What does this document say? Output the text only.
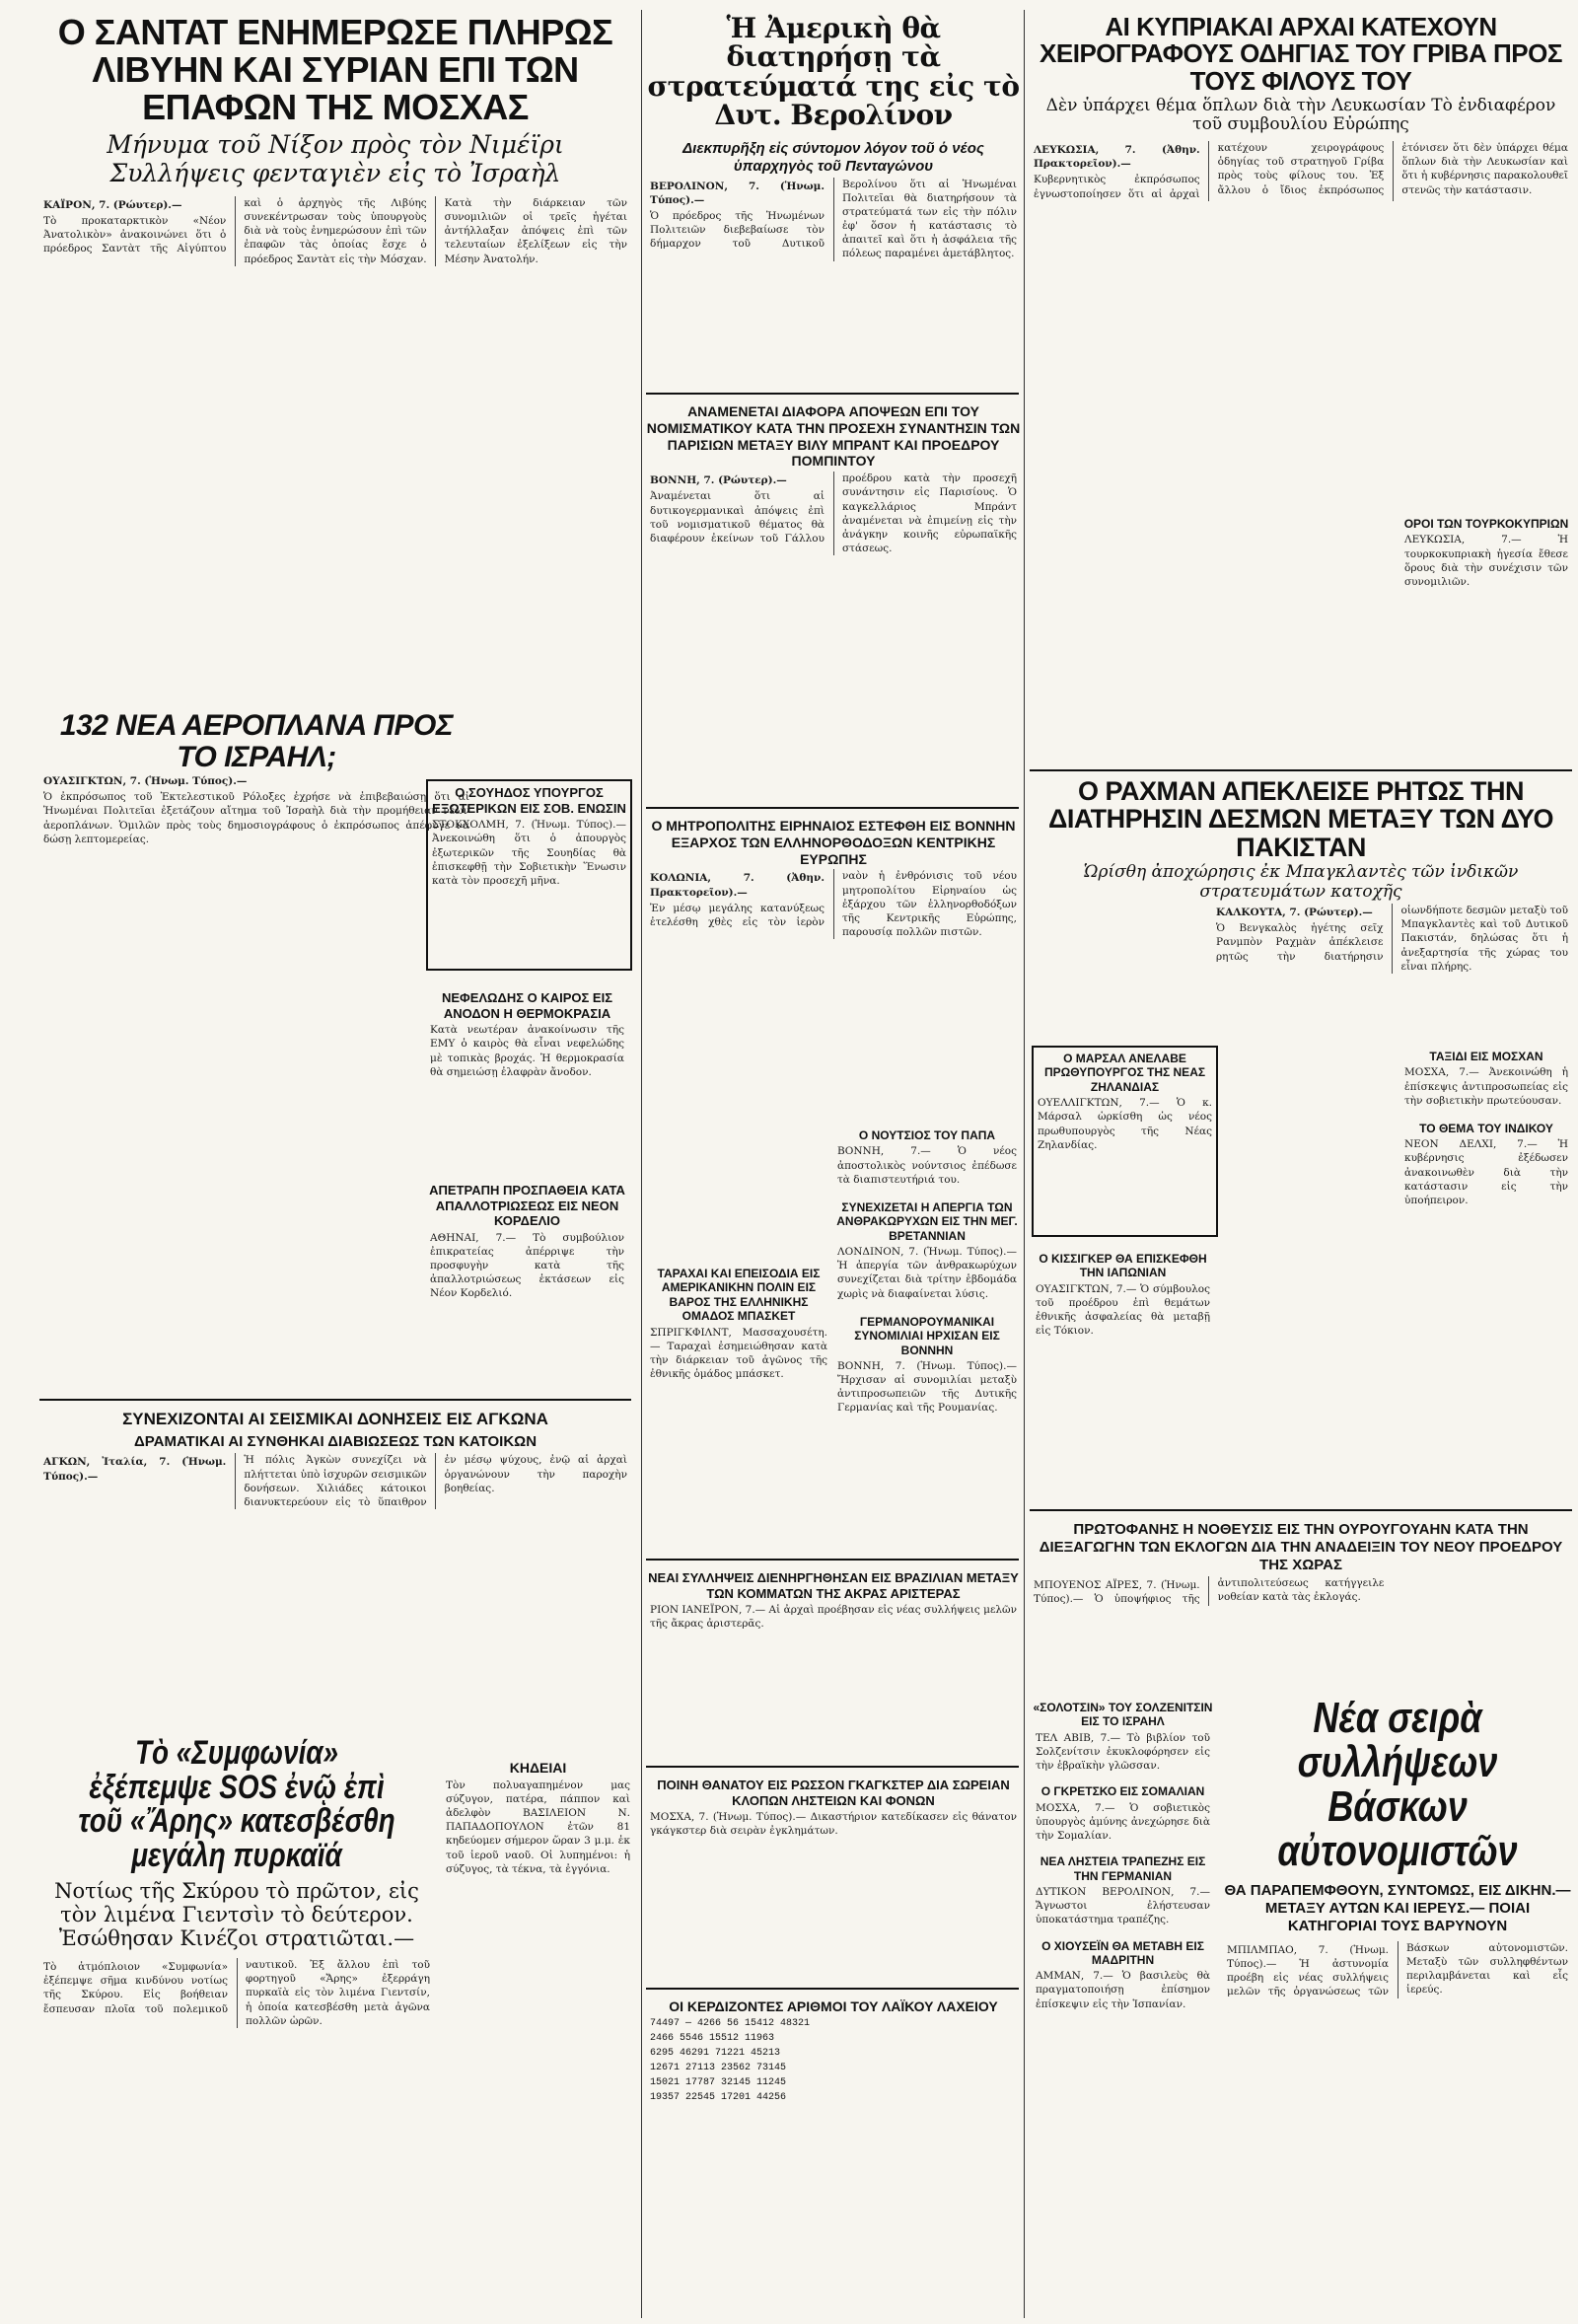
Ο ΣΑΝΤΑΤ ΕΝΗΜΕΡΩΣΕ ΠΛΗΡΩΣ ΛΙΒΥΗΝ ΚΑΙ ΣΥΡΙΑΝ ΕΠΙ ΤΩΝ ΕΠΑΦΩΝ ΤΗΣ ΜΟΣΧΑΣ
Μήνυμα τοῦ Νίξον πρὸς τὸν Νιμέϊρι Συλλήψεις φενταγιὲν εἰς τὸ Ἰσραὴλ

ΚΑΪΡΟΝ, 7. (Ρώυτερ).—

Τὸ προκαταρκτικὸν «Νέον Ἀνατολικὸν» ἀνακοινώνει ὅτι ὁ πρόεδρος Σαντὰτ τῆς Αἰγύπτου καὶ ὁ ἀρχηγὸς τῆς Λιβύης συνεκέντρωσαν τοὺς ὑπουργοὺς διὰ νὰ τοὺς ἐνημερώσουν ἐπὶ τῶν ἐπαφῶν τὰς ὁποίας ἔσχε ὁ πρόεδρος Σαντὰτ εἰς τὴν Μόσχαν. Κατὰ τὴν διάρκειαν τῶν συνομιλιῶν οἱ τρεῖς ἡγέται ἀντήλλαξαν ἀπόψεις ἐπὶ τῶν τελευταίων ἐξελίξεων εἰς τὴν Μέσην Ἀνατολήν.

132 ΝΕΑ ΑΕΡΟΠΛΑΝΑ ΠΡΟΣ ΤΟ ΙΣΡΑΗΛ;

ΟΥΑΣΙΓΚΤΩΝ, 7. (Ἡνωμ. Τύπος).—

Ὁ ἐκπρόσωπος τοῦ Ἐκτελεστικοῦ Ρόλοξες ἐχρήσε νὰ ἐπιβεβαιώσῃ ὅτι αἱ Ἡνωμέναι Πολιτεῖαι ἐξετάζουν αἴτημα τοῦ Ἰσραὴλ διὰ τὴν προμήθειαν νέων ἀεροπλάνων. Ὁμιλῶν πρὸς τοὺς δημοσιογράφους ὁ ἐκπρόσωπος ἀπέφυγε νὰ δώσῃ λεπτομερείας.

Ο ΣΟΥΗΔΟΣ ΥΠΟΥΡΓΟΣ ΕΞΩΤΕΡΙΚΩΝ ΕΙΣ ΣΟΒ. ΕΝΩΣΙΝ

ΣΤΟΚΧΟΛΜΗ, 7. (Ἡνωμ. Τύπος).— Ἀνεκοινώθη ὅτι ὁ ἀπουργὸς ἐξωτερικῶν τῆς Σουηδίας θὰ ἐπισκεφθῇ τὴν Σοβιετικὴν Ἕνωσιν κατὰ τὸν προσεχῆ μῆνα.

ΝΕΦΕΛΩΔΗΣ Ο ΚΑΙΡΟΣ ΕΙΣ ΑΝΟΔΟΝ Η ΘΕΡΜΟΚΡΑΣΙΑ

Κατὰ νεωτέραν ἀνακοίνωσιν τῆς ΕΜΥ ὁ καιρὸς θὰ εἶναι νεφελώδης μὲ τοπικὰς βροχάς. Ἡ θερμοκρασία θὰ σημειώσῃ ἐλαφρὰν ἄνοδον.

ΑΠΕΤΡΑΠΗ ΠΡΟΣΠΑΘΕΙΑ ΚΑΤΑ ΑΠΑΛΛΟΤΡΙΩΣΕΩΣ ΕΙΣ ΝΕΟΝ ΚΟΡΔΕΛΙΟ

ΑΘΗΝΑΙ, 7.— Τὸ συμβούλιον ἐπικρατείας ἀπέρριψε τὴν προσφυγὴν κατὰ τῆς ἀπαλλοτριώσεως ἐκτάσεων εἰς Νέον Κορδελιό.

ΣΥΝΕΧΙΖΟΝΤΑΙ ΑΙ ΣΕΙΣΜΙΚΑΙ ΔΟΝΗΣΕΙΣ ΕΙΣ ΑΓΚΩΝΑ
ΔΡΑΜΑΤΙΚΑΙ ΑΙ ΣΥΝΘΗΚΑΙ ΔΙΑΒΙΩΣΕΩΣ ΤΩΝ ΚΑΤΟΙΚΩΝ

ΑΓΚΩΝ, Ἰταλία, 7. (Ἡνωμ. Τύπος).—

Ἡ πόλις Ἀγκὼν συνεχίζει νὰ πλήττεται ὑπὸ ἰσχυρῶν σεισμικῶν δονήσεων. Χιλιάδες κάτοικοι διανυκτερεύουν εἰς τὸ ὕπαιθρον ἐν μέσῳ ψύχους, ἐνῷ αἱ ἀρχαὶ ὀργανώνουν τὴν παροχὴν βοηθείας.

Τὸ «Συμφωνία» ἐξέπεμψε SOS ἐνῷ ἐπὶ τοῦ «Ἄρης» κατεσβέσθη μεγάλη πυρκαϊά
Νοτίως τῆς Σκύρου τὸ πρῶτον, εἰς τὸν λιμένα Γιεντσὶν τὸ δεύτερον. Ἐσώθησαν Κινέζοι στρατιῶται.—

Τὸ ἀτμόπλοιον «Συμφωνία» ἐξέπεμψε σῆμα κινδύνου νοτίως τῆς Σκύρου. Εἰς βοήθειαν ἔσπευσαν πλοῖα τοῦ πολεμικοῦ ναυτικοῦ. Ἐξ ἄλλου ἐπὶ τοῦ φορτηγοῦ «Ἄρης» ἐξερράγη πυρκαϊὰ εἰς τὸν λιμένα Γιεντσίν, ἡ ὁποία κατεσβέσθη μετὰ ἀγῶνα πολλῶν ὡρῶν.

ΚΗΔΕΙΑΙ

Τὸν πολυαγαπημένον μας σύζυγον, πατέρα, πάππον καὶ ἀδελφὸν ΒΑΣΙΛΕΙΟΝ Ν. ΠΑΠΑΔΟΠΟΥΛΟΝ ἐτῶν 81 κηδεύομεν σήμερον ὥραν 3 μ.μ. ἐκ τοῦ ἱεροῦ ναοῦ. Οἱ λυπημένοι: ἡ σύζυγος, τὰ τέκνα, τὰ ἐγγόνια.

Ἡ Ἀμερικὴ θὰ διατηρήσῃ τὰ στρατεύματά της εἰς τὸ Δυτ. Βερολίνον
Διεκπυρῆξη εἰς σύντομον λόγον τοῦ ὁ νέος ὑπαρχηγὸς τοῦ Πενταγώνου

ΒΕΡΟΛΙΝΟΝ, 7. (Ἡνωμ. Τύπος).—

Ὁ πρόεδρος τῆς Ἡνωμένων Πολιτειῶν διεβεβαίωσε τὸν δήμαρχον τοῦ Δυτικοῦ Βερολίνου ὅτι αἱ Ἡνωμέναι Πολιτεῖαι θὰ διατηρήσουν τὰ στρατεύματά των εἰς τὴν πόλιν ἐφ' ὅσον ἡ κατάστασις τὸ ἀπαιτεῖ καὶ ὅτι ἡ ἀσφάλεια τῆς πόλεως παραμένει ἀμετάβλητος.

ΑΝΑΜΕΝΕΤΑΙ ΔΙΑΦΟΡΑ ΑΠΟΨΕΩΝ ΕΠΙ ΤΟΥ ΝΟΜΙΣΜΑΤΙΚΟΥ ΚΑΤΑ ΤΗΝ ΠΡΟΣΕΧΗ ΣΥΝΑΝΤΗΣΙΝ ΤΩΝ ΠΑΡΙΣΙΩΝ ΜΕΤΑΞΥ ΒΙΛΥ ΜΠΡΑΝΤ ΚΑΙ ΠΡΟΕΔΡΟΥ ΠΟΜΠΙΝΤΟΥ

ΒΟΝΝΗ, 7. (Ρώυτερ).—

Ἀναμένεται ὅτι αἱ δυτικογερμανικαὶ ἀπόψεις ἐπὶ τοῦ νομισματικοῦ θέματος θὰ διαφέρουν ἐκείνων τοῦ Γάλλου προέδρου κατὰ τὴν προσεχῆ συνάντησιν εἰς Παρισίους. Ὁ καγκελλάριος Μπράντ ἀναμένεται νὰ ἐπιμείνῃ εἰς τὴν ἀνάγκην κοινῆς εὐρωπαϊκῆς στάσεως.

Ο ΜΗΤΡΟΠΟΛΙΤΗΣ ΕΙΡΗΝΑΙΟΣ ΕΣΤΕΦΘΗ ΕΙΣ ΒΟΝΝΗΝ ΕΞΑΡΧΟΣ ΤΩΝ ΕΛΛΗΝΟΡΘΟΔΟΞΩΝ ΚΕΝΤΡΙΚΗΣ ΕΥΡΩΠΗΣ

ΚΟΛΩΝΙΑ, 7. (Ἀθην. Πρακτορεῖον).—

Ἐν μέσῳ μεγάλης κατανύξεως ἐτελέσθη χθὲς εἰς τὸν ἱερὸν ναὸν ἡ ἐνθρόνισις τοῦ νέου μητροπολίτου Εἰρηναίου ὡς ἐξάρχου τῶν ἑλληνορθοδόξων τῆς Κεντρικῆς Εὐρώπης, παρουσίᾳ πολλῶν πιστῶν.

Ο ΝΟΥΤΣΙΟΣ ΤΟΥ ΠΑΠΑ

ΒΟΝΝΗ, 7.— Ὁ νέος ἀποστολικὸς νούντσιος ἐπέδωσε τὰ διαπιστευτήριά του.

ΣΥΝΕΧΙΖΕΤΑΙ Η ΑΠΕΡΓΙΑ ΤΩΝ ΑΝΘΡΑΚΩΡΥΧΩΝ ΕΙΣ ΤΗΝ ΜΕΓ. ΒΡΕΤΑΝΝΙΑΝ

ΛΟΝΔΙΝΟΝ, 7. (Ἡνωμ. Τύπος).— Ἡ ἀπεργία τῶν ἀνθρακωρύχων συνεχίζεται διὰ τρίτην ἑβδομάδα χωρὶς νὰ διαφαίνεται λύσις.

ΓΕΡΜΑΝΟΡΟΥΜΑΝΙΚΑΙ ΣΥΝΟΜΙΛΙΑΙ ΗΡΧΙΣΑΝ ΕΙΣ ΒΟΝΝΗΝ

ΒΟΝΝΗ, 7. (Ἡνωμ. Τύπος).— Ἤρχισαν αἱ συνομιλίαι μεταξὺ ἀντιπροσωπειῶν τῆς Δυτικῆς Γερμανίας καὶ τῆς Ρουμανίας.

ΤΑΡΑΧΑΙ ΚΑΙ ΕΠΕΙΣΟΔΙΑ ΕΙΣ ΑΜΕΡΙΚΑΝΙΚΗΝ ΠΟΛΙΝ ΕΙΣ ΒΑΡΟΣ ΤΗΣ ΕΛΛΗΝΙΚΗΣ ΟΜΑΔΟΣ ΜΠΑΣΚΕΤ

ΣΠΡΙΓΚΦΙΛΝΤ, Μασσαχουσέτη.— Ταραχαὶ ἐσημειώθησαν κατὰ τὴν διάρκειαν τοῦ ἀγῶνος τῆς ἐθνικῆς ὁμάδος μπάσκετ.

ΝΕΑΙ ΣΥΛΛΗΨΕΙΣ ΔΙΕΝΗΡΓΗΘΗΣΑΝ ΕΙΣ ΒΡΑΖΙΛΙΑΝ ΜΕΤΑΞΥ ΤΩΝ ΚΟΜΜΑΤΩΝ ΤΗΣ ΑΚΡΑΣ ΑΡΙΣΤΕΡΑΣ

ΡΙΟΝ ΙΑΝΕΪΡΟΝ, 7.— Αἱ ἀρχαὶ προέβησαν εἰς νέας συλλήψεις μελῶν τῆς ἄκρας ἀριστερᾶς.

ΠΟΙΝΗ ΘΑΝΑΤΟΥ ΕΙΣ ΡΩΣΣΟΝ ΓΚΑΓΚΣΤΕΡ ΔΙΑ ΣΩΡΕΙΑΝ ΚΛΟΠΩΝ ΛΗΣΤΕΙΩΝ ΚΑΙ ΦΟΝΩΝ

ΜΟΣΧΑ, 7. (Ἡνωμ. Τύπος).— Δικαστήριον κατεδίκασεν εἰς θάνατον γκάγκστερ διὰ σειρὰν ἐγκλημάτων.

ΟΙ ΚΕΡΔΙΖΟΝΤΕΣ ΑΡΙΘΜΟΙ ΤΟΥ ΛΑΪΚΟΥ ΛΑΧΕΙΟΥ
74497 — 4266 56 15412 48321
2466 5546 15512 11963
6295 46291 71221 45213
12671 27113 23562 73145
15021 17787 32145 11245
19357 22545 17201 44256
ΑΙ ΚΥΠΡΙΑΚΑΙ ΑΡΧΑΙ ΚΑΤΕΧΟΥΝ ΧΕΙΡΟΓΡΑΦΟΥΣ ΟΔΗΓΙΑΣ ΤΟΥ ΓΡΙΒΑ ΠΡΟΣ ΤΟΥΣ ΦΙΛΟΥΣ ΤΟΥ
Δὲν ὑπάρχει θέμα ὅπλων διὰ τὴν Λευκωσίαν Τὸ ἐνδιαφέρον τοῦ συμβουλίου Εὐρώπης

ΛΕΥΚΩΣΙΑ, 7. (Ἀθην. Πρακτορεῖον).—

Κυβερνητικὸς ἐκπρόσωπος ἐγνωστοποίησεν ὅτι αἱ ἀρχαὶ κατέχουν χειρογράφους ὁδηγίας τοῦ στρατηγοῦ Γρίβα πρὸς τοὺς φίλους του. Ἐξ ἄλλου ὁ ἴδιος ἐκπρόσωπος ἐτόνισεν ὅτι δὲν ὑπάρχει θέμα ὅπλων διὰ τὴν Λευκωσίαν καὶ ὅτι ἡ κυβέρνησις παρακολουθεῖ στενῶς τὴν κατάστασιν.

ΟΡΟΙ ΤΩΝ ΤΟΥΡΚΟΚΥΠΡΙΩΝ

ΛΕΥΚΩΣΙΑ, 7.— Ἡ τουρκοκυπριακὴ ἡγεσία ἔθεσε ὅρους διὰ τὴν συνέχισιν τῶν συνομιλιῶν.

Ο ΡΑΧΜΑΝ ΑΠΕΚΛΕΙΣΕ ΡΗΤΩΣ ΤΗΝ ΔΙΑΤΗΡΗΣΙΝ ΔΕΣΜΩΝ ΜΕΤΑΞΥ ΤΩΝ ΔΥΟ ΠΑΚΙΣΤΑΝ
Ὡρίσθη ἀποχώρησις ἐκ Μπαγκλαντὲς τῶν ἰνδικῶν στρατευμάτων κατοχῆς

ΚΑΛΚΟΥΤΑ, 7. (Ρώυτερ).—

Ὁ Βενγκαλὸς ἡγέτης σεῖχ Ρανμπὸν Ραχμὰν ἀπέκλεισε ρητῶς τὴν διατήρησιν οἱωνδήποτε δεσμῶν μεταξὺ τοῦ Μπαγκλαντὲς καὶ τοῦ Δυτικοῦ Πακιστάν, δηλώσας ὅτι ἡ ἀνεξαρτησία τῆς χώρας του εἶναι πλήρης.

Ο ΜΑΡΣΑΛ ΑΝΕΛΑΒΕ ΠΡΩΘΥΠΟΥΡΓΟΣ ΤΗΣ ΝΕΑΣ ΖΗΛΑΝΔΙΑΣ

ΟΥΕΛΛΙΓΚΤΩΝ, 7.— Ὁ κ. Μάρσαλ ὡρκίσθη ὡς νέος πρωθυπουργὸς τῆς Νέας Ζηλανδίας.

Ο ΚΙΣΣΙΓΚΕΡ ΘΑ ΕΠΙΣΚΕΦΘΗ ΤΗΝ ΙΑΠΩΝΙΑΝ

ΟΥΑΣΙΓΚΤΩΝ, 7.— Ὁ σύμβουλος τοῦ προέδρου ἐπὶ θεμάτων ἐθνικῆς ἀσφαλείας θὰ μεταβῇ εἰς Τόκιον.

ΤΑΞΙΔΙ ΕΙΣ ΜΟΣΧΑΝ

ΜΟΣΧΑ, 7.— Ἀνεκοινώθη ἡ ἐπίσκεψις ἀντιπροσωπείας εἰς τὴν σοβιετικὴν πρωτεύουσαν.

ΤΟ ΘΕΜΑ ΤΟΥ ΙΝΔΙΚΟΥ

ΝΕΟΝ ΔΕΛΧΙ, 7.— Ἡ κυβέρνησις ἐξέδωσεν ἀνακοινωθὲν διὰ τὴν κατάστασιν εἰς τὴν ὑποήπειρον.

ΠΡΩΤΟΦΑΝΗΣ Η ΝΟΘΕΥΣΙΣ ΕΙΣ ΤΗΝ ΟΥΡΟΥΓΟΥΑΗΝ ΚΑΤΑ ΤΗΝ ΔΙΕΞΑΓΩΓΗΝ ΤΩΝ ΕΚΛΟΓΩΝ ΔΙΑ ΤΗΝ ΑΝΑΔΕΙΞΙΝ ΤΟΥ ΝΕΟΥ ΠΡΟΕΔΡΟΥ ΤΗΣ ΧΩΡΑΣ

ΜΠΟΥΕΝΟΣ ΑΪΡΕΣ, 7. (Ἡνωμ. Τύπος).— Ὁ ὑποψήφιος τῆς ἀντιπολιτεύσεως κατήγγειλε νοθείαν κατὰ τὰς ἐκλογάς.

«ΣΟΛΟΤΣΙΝ» ΤΟΥ ΣΟΛΖΕΝΙΤΣΙΝ ΕΙΣ ΤΟ ΙΣΡΑΗΛ

ΤΕΛ ΑΒΙΒ, 7.— Τὸ βιβλίον τοῦ Σολζενίτσιν ἐκυκλοφόρησεν εἰς τὴν ἑβραϊκὴν γλῶσσαν.

Ο ΓΚΡΕΤΣΚΟ ΕΙΣ ΣΟΜΑΛΙΑΝ

ΜΟΣΧΑ, 7.— Ὁ σοβιετικὸς ὑπουργὸς ἀμύνης ἀνεχώρησε διὰ τὴν Σομαλίαν.

ΝΕΑ ΛΗΣΤΕΙΑ ΤΡΑΠΕΖΗΣ ΕΙΣ ΤΗΝ ΓΕΡΜΑΝΙΑΝ

ΔΥΤΙΚΟΝ ΒΕΡΟΛΙΝΟΝ, 7.— Ἄγνωστοι ἐλήστευσαν ὑποκατάστημα τραπέζης.

Ο ΧΙΟΥΣΕΪΝ ΘΑ ΜΕΤΑΒΗ ΕΙΣ ΜΑΔΡΙΤΗΝ

ΑΜΜΑΝ, 7.— Ὁ βασιλεὺς θὰ πραγματοποιήσῃ ἐπίσημον ἐπίσκεψιν εἰς τὴν Ἱσπανίαν.

Νέα σειρὰ συλλήψεων Βάσκων αὐτονομιστῶν
ΘΑ ΠΑΡΑΠΕΜΦΘΟΥΝ, ΣΥΝΤΟΜΩΣ, ΕΙΣ ΔΙΚΗΝ.— ΜΕΤΑΞΥ ΑΥΤΩΝ ΚΑΙ ΙΕΡΕΥΣ.— ΠΟΙΑΙ ΚΑΤΗΓΟΡΙΑΙ ΤΟΥΣ ΒΑΡΥΝΟΥΝ

ΜΠΙΛΜΠΑΟ, 7. (Ἡνωμ. Τύπος).— Ἡ ἀστυνομία προέβη εἰς νέας συλλήψεις μελῶν τῆς ὀργανώσεως τῶν Βάσκων αὐτονομιστῶν. Μεταξὺ τῶν συλληφθέντων περιλαμβάνεται καὶ εἷς ἱερεύς.
